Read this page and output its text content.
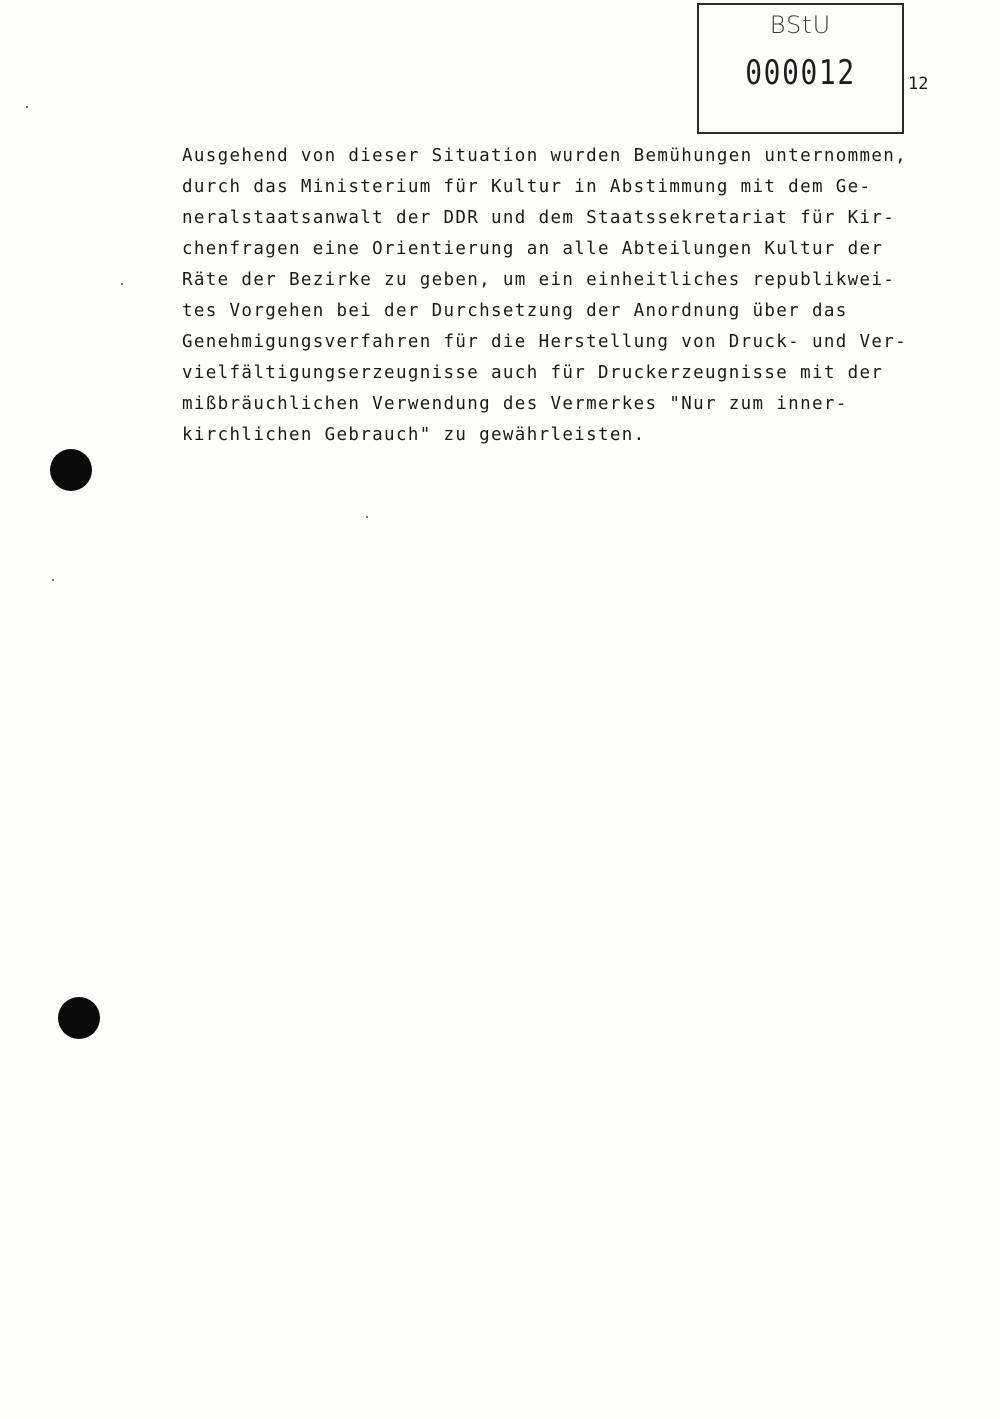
BStU
000012	12
Ausgehend von dieser Situation wurden Bemühungen unternommen,
durch das Ministerium für Kultur in Abstimmung mit dem Ge-
neralstaatsanwalt der DDR und dem Staatssekretariat für Kir-
chenfragen eine Orientierung an alle Abteilungen Kultur der
Räte der Bezirke zu geben, um ein einheitliches republikwei-
tes Vorgehen bei der Durchsetzung der Anordnung über das
Genehmigungsverfahren für die Herstellung von Druck- und Ver-
vielfältigungserzeugnisse auch für Druckerzeugnisse mit der
mißbräuchlichen Verwendung des Vermerkes "Nur zum inner-
kirchlichen Gebrauch" zu gewährleisten.
